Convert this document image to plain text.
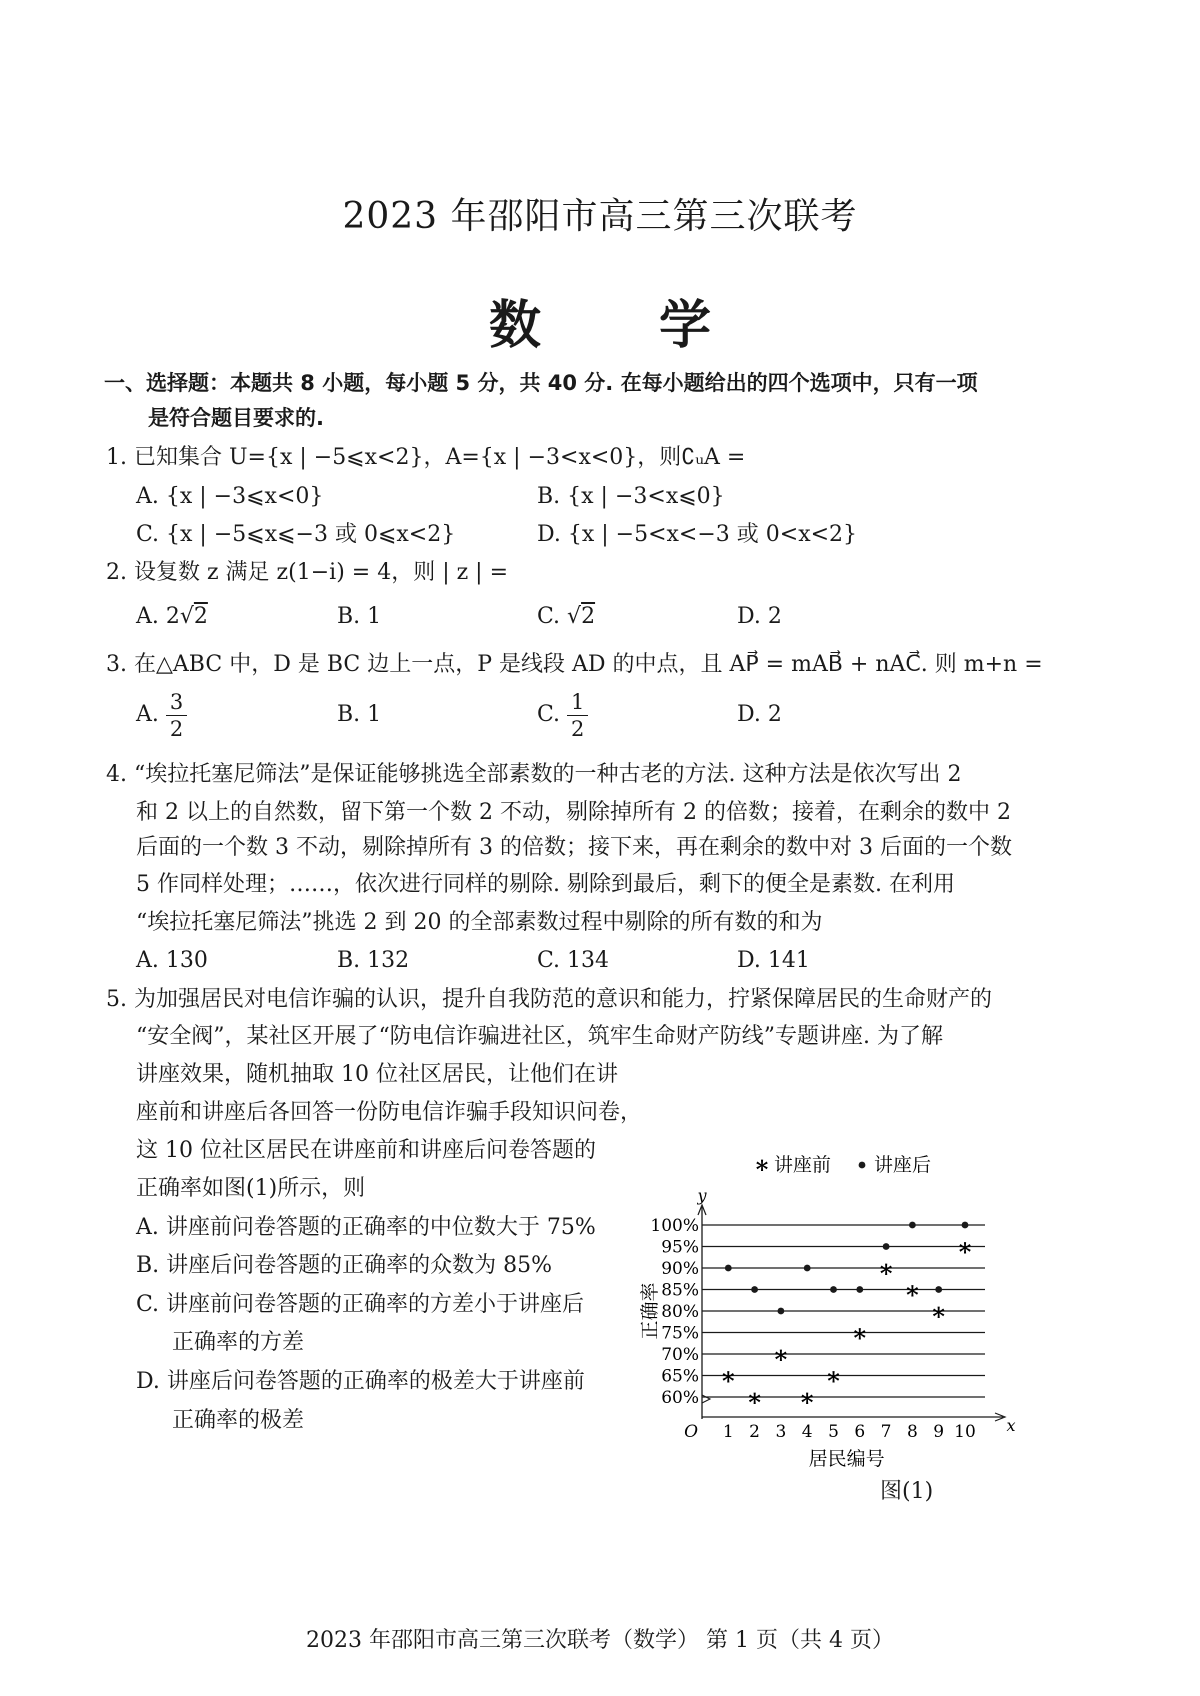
2023 年邵阳市高三第三次联考
数 学
一、选择题：本题共 8 小题，每小题 5 分，共 40 分. 在每小题给出的四个选项中，只有一项
是符合题目要求的.
1. 已知集合 U={x | −5⩽x<2}，A={x | −3<x<0}，则∁ᵤA =
A. {x | −3⩽x<0}	B. {x | −3<x⩽0}
C. {x | −5⩽x⩽−3 或 0⩽x<2}	D. {x | −5<x<−3 或 0<x<2}
2. 设复数 z 满足 z(1−i) = 4，则 | z | =
A. 2√2	B. 1	C. √2	D. 2
3. 在△ABC 中，D 是 BC 边上一点，P 是线段 AD 的中点，且 AP⃗ = mAB⃗ + nAC⃗. 则 m+n =
A. $\frac{3}{2}$	B. 1	C. $\frac{1}{2}$	D. 2
4. “埃拉托塞尼筛法”是保证能够挑选全部素数的一种古老的方法. 这种方法是依次写出 2
和 2 以上的自然数，留下第一个数 2 不动，剔除掉所有 2 的倍数；接着，在剩余的数中 2
后面的一个数 3 不动，剔除掉所有 3 的倍数；接下来，再在剩余的数中对 3 后面的一个数
5 作同样处理；……，依次进行同样的剔除. 剔除到最后，剩下的便全是素数. 在利用
“埃拉托塞尼筛法”挑选 2 到 20 的全部素数过程中剔除的所有数的和为
A. 130	B. 132	C. 134	D. 141
5. 为加强居民对电信诈骗的认识，提升自我防范的意识和能力，拧紧保障居民的生命财产的
“安全阀”，某社区开展了“防电信诈骗进社区，筑牢生命财产防线”专题讲座. 为了解
讲座效果，随机抽取 10 位社区居民，让他们在讲
座前和讲座后各回答一份防电信诈骗手段知识问卷，
这 10 位社区居民在讲座前和讲座后问卷答题的
正确率如图(1)所示，则
A. 讲座前问卷答题的正确率的中位数大于 75%
B. 讲座后问卷答题的正确率的众数为 85%
C. 讲座前问卷答题的正确率的方差小于讲座后
正确率的方差
D. 讲座后问卷答题的正确率的极差大于讲座前
正确率的极差
60%
65%
70%
75%
80%
85%
90%
95%
100%
1 2 3 4 5 6 7 8 9 10
O	x
y
居民编号
正确率
*
*
*
*
*
*
*
*
*
*
* 讲座前 讲座后
图(1)
2023 年邵阳市高三第三次联考（数学） 第 1 页（共 4 页）
